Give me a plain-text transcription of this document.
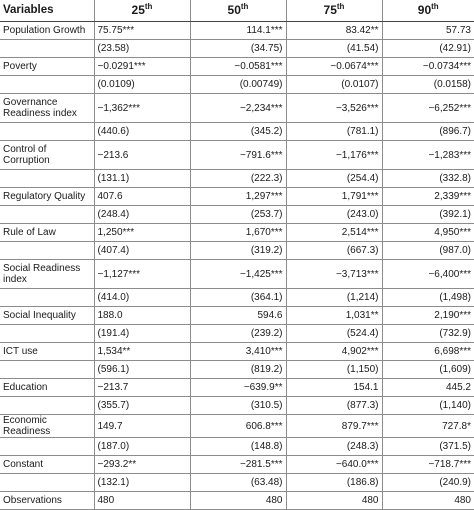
Variables	25th	50th	75th	90th
Population Growth	75.75***	114.1***	83.42**	57.73
	(23.58)	(34.75)	(41.54)	(42.91)
Poverty	−0.0291***	−0.0581***	−0.0674***	−0.0734***
	(0.0109)	(0.00749)	(0.0107)	(0.0158)
Governance Readiness index	−1,362***	−2,234***	−3,526***	−6,252***
	(440.6)	(345.2)	(781.1)	(896.7)
Control of Corruption	−213.6	−791.6***	−1,176***	−1,283***
	(131.1)	(222.3)	(254.4)	(332.8)
Regulatory Quality	407.6	1,297***	1,791***	2,339***
	(248.4)	(253.7)	(243.0)	(392.1)
Rule of Law	1,250***	1,670***	2,514***	4,950***
	(407.4)	(319.2)	(667.3)	(987.0)
Social Readiness index	−1,127***	−1,425***	−3,713***	−6,400***
	(414.0)	(364.1)	(1,214)	(1,498)
Social Inequality	188.0	594.6	1,031**	2,190***
	(191.4)	(239.2)	(524.4)	(732.9)
ICT use	1,534**	3,410***	4,902***	6,698***
	(596.1)	(819.2)	(1,150)	(1,609)
Education	−213.7	−639.9**	154.1	445.2
	(355.7)	(310.5)	(877.3)	(1,140)
Economic Readiness	149.7	606.8***	879.7***	727.8*
	(187.0)	(148.8)	(248.3)	(371.5)
Constant	−293.2**	−281.5***	−640.0***	−718.7***
	(132.1)	(63.48)	(186.8)	(240.9)
Observations	480	480	480	480
